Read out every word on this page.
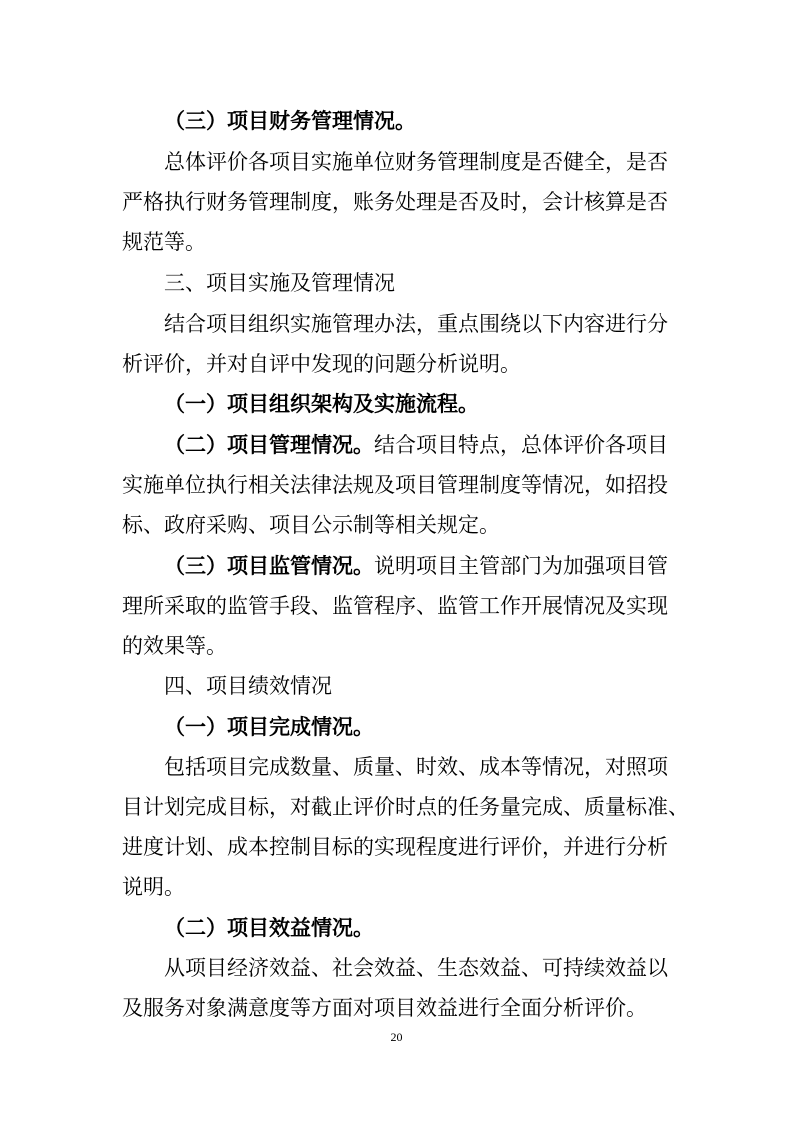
（三）项目财务管理情况。

总体评价各项目实施单位财务管理制度是否健全，是否

严格执行财务管理制度，账务处理是否及时，会计核算是否

规范等。

三、项目实施及管理情况

结合项目组织实施管理办法，重点围绕以下内容进行分

析评价，并对自评中发现的问题分析说明。

（一）项目组织架构及实施流程。

（二）项目管理情况。结合项目特点，总体评价各项目

实施单位执行相关法律法规及项目管理制度等情况，如招投

标、政府采购、项目公示制等相关规定。

（三）项目监管情况。说明项目主管部门为加强项目管

理所采取的监管手段、监管程序、监管工作开展情况及实现

的效果等。

四、项目绩效情况

（一）项目完成情况。

包括项目完成数量、质量、时效、成本等情况，对照项

目计划完成目标，对截止评价时点的任务量完成、质量标准、

进度计划、成本控制目标的实现程度进行评价，并进行分析

说明。

（二）项目效益情况。

从项目经济效益、社会效益、生态效益、可持续效益以

及服务对象满意度等方面对项目效益进行全面分析评价。

20
